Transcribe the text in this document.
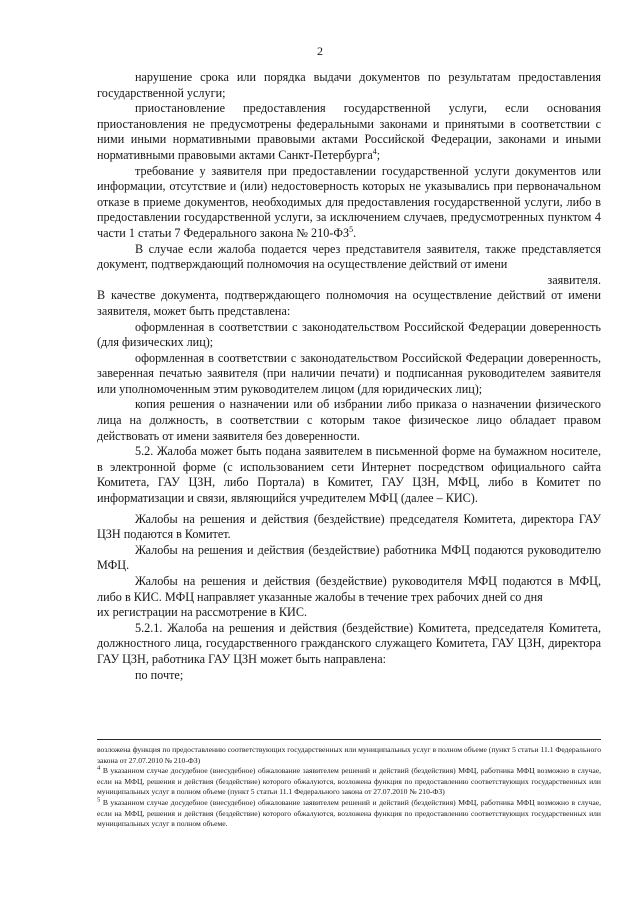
2

нарушение срока или порядка выдачи документов по результатам предоставления государственной услуги;

приостановление предоставления государственной услуги, если основания приостановления не предусмотрены федеральными законами и принятыми в соответствии с ними иными нормативными правовыми актами Российской Федерации, законами и иными нормативными правовыми актами Санкт-Петербурга$^4$;

требование у заявителя при предоставлении государственной услуги документов или информации, отсутствие и (или) недостоверность которых не указывались при первоначальном отказе в приеме документов, необходимых для предоставления государственной услуги, либо в предоставлении государственной услуги, за исключением случаев, предусмотренных пунктом 4 части 1 статьи 7 Федерального закона № $210-ФЗ^5$.

В случае если жалоба подается через представителя заявителя, также представляется документ, подтверждающий полномочия на осуществление действий от имени

заявителя.

В качестве документа, подтверждающего полномочия на осуществление действий от имени заявителя, может быть представлена:

оформленная в соответствии с законодательством Российской Федерации доверенность (для физических лиц);

оформленная в соответствии с законодательством Российской Федерации доверенность, заверенная печатью заявителя (при наличии печати) и подписанная руководителем заявителя или уполномоченным этим руководителем лицом (для юридических лиц);

копия решения о назначении или об избрании либо приказа о назначении физического лица на должность, в соответствии с которым такое физическое лицо обладает правом действовать от имени заявителя без доверенности.

5.2. Жалоба может быть подана заявителем в письменной форме на бумажном носителе, в электронной форме (с использованием сети Интернет посредством официального сайта Комитета, ГАУ ЦЗН, либо Портала) в Комитет, ГАУ ЦЗН, МФЦ, либо в Комитет по информатизации и связи, являющийся учредителем МФЦ (далее – КИС).

Жалобы на решения и действия (бездействие) председателя Комитета, директора ГАУ ЦЗН подаются в Комитет.

Жалобы на решения и действия (бездействие) работника МФЦ подаются руководителю МФЦ.

Жалобы на решения и действия (бездействие) руководителя МФЦ подаются в МФЦ, либо в КИС. МФЦ направляет указанные жалобы в течение трех рабочих дней со дня

их регистрации на рассмотрение в КИС.

5.2.1. Жалоба на решения и действия (бездействие) Комитета, председателя Комитета, должностного лица, государственного гражданского служащего Комитета, ГАУ ЦЗН, директора ГАУ ЦЗН, работника ГАУ ЦЗН может быть направлена:

по почте;

возложена функция по предоставлению соответствующих государственных или муниципальных услуг в полном объеме (пункт 5 статьи 11.1 Федерального закона от 27.07.2010 № 210-ФЗ)

4 В указанном случае досудебное (внесудебное) обжалование заявителем решений и действий (бездействия) МФЦ, работника МФЦ возможно в случае, если на МФЦ, решения и действия (бездействие) которого обжалуются, возложена функция по предоставлению соответствующих государственных или муниципальных услуг в полном объеме (пункт 5 статьи 11.1 Федерального закона от 27.07.2010 № 210-ФЗ)

5 В указанном случае досудебное (внесудебное) обжалование заявителем решений и действий (бездействия) МФЦ, работника МФЦ возможно в случае, если на МФЦ, решения и действия (бездействие) которого обжалуются, возложена функция по предоставлению соответствующих государственных или муниципальных услуг в полном объеме.
